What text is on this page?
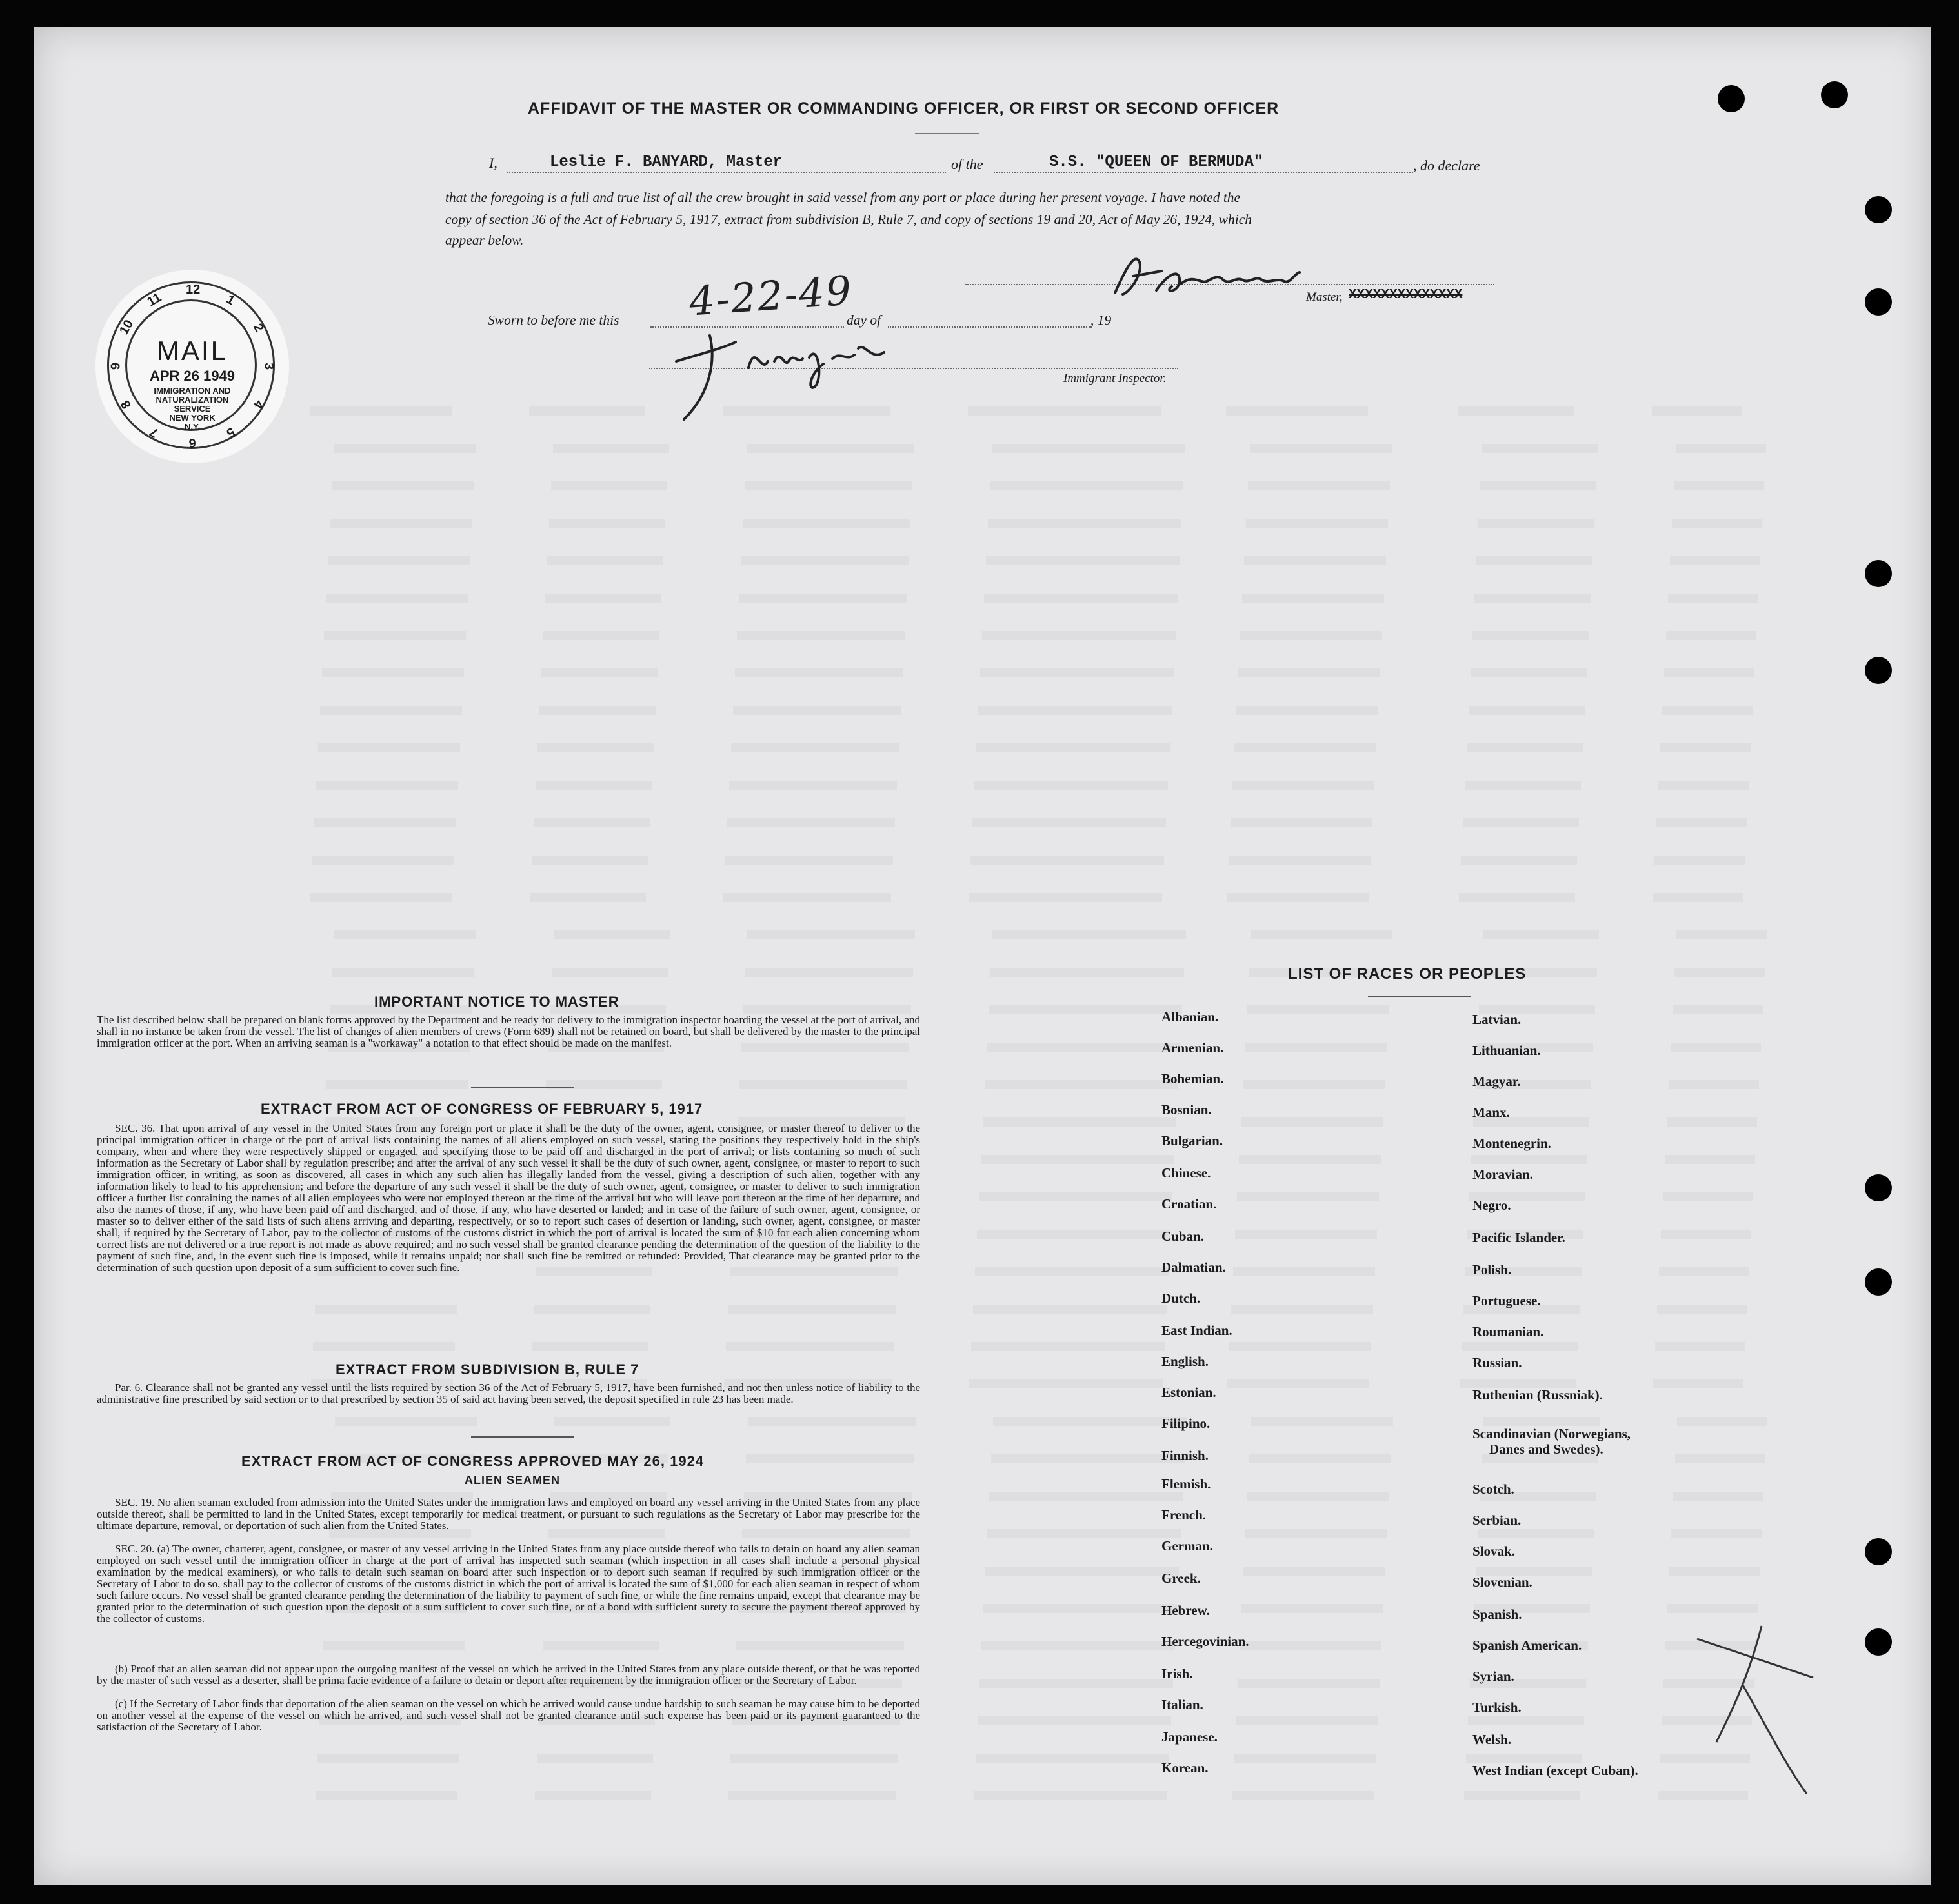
AFFIDAVIT OF THE MASTER OR COMMANDING OFFICER, OR FIRST OR SECOND OFFICER
I,	Leslie F. BANYARD, Master	of the	S.S. "QUEEN OF BERMUDA"	, do declare
that the foregoing is a full and true list of all the crew brought in said vessel from any port or place during her present voyage. I have noted the
copy of section 36 of the Act of February 5, 1917, extract from subdivision B, Rule 7, and copy of sections 19 and 20, Act of May 26, 1924, which
appear below.
Master, XXXXXXXXXXXXXX
Sworn to before me this 4-22-49
day of	, 19
Immigrant Inspector.
1
2
3
4
5
6
7
8
9
10
11
12
MAIL
APR 26 1949
IMMIGRATION AND
NATURALIZATION
SERVICE
NEW YORK
N.Y.
IMPORTANT NOTICE TO MASTER
The list described below shall be prepared on blank forms approved by the Department and be ready for delivery to the immigration inspector boarding the vessel at the port of arrival, and shall in no instance be taken from the vessel. The list of changes of alien members of crews (Form 689) shall not be retained on board, but shall be delivered by the master to the principal immigration officer at the port. When an arriving seaman is a "workaway" a notation to that effect should be made on the manifest.
EXTRACT FROM ACT OF CONGRESS OF FEBRUARY 5, 1917
SEC. 36. That upon arrival of any vessel in the United States from any foreign port or place it shall be the duty of the owner, agent, consignee, or master thereof to deliver to the principal immigration officer in charge of the port of arrival lists containing the names of all aliens employed on such vessel, stating the positions they respectively hold in the ship's company, when and where they were respectively shipped or engaged, and specifying those to be paid off and discharged in the port of arrival; or lists containing so much of such information as the Secretary of Labor shall by regulation prescribe; and after the arrival of any such vessel it shall be the duty of such owner, agent, consignee, or master to report to such immigration officer, in writing, as soon as discovered, all cases in which any such alien has illegally landed from the vessel, giving a description of such alien, together with any information likely to lead to his apprehension; and before the departure of any such vessel it shall be the duty of such owner, agent, consignee, or master to deliver to such immigration officer a further list containing the names of all alien employees who were not employed thereon at the time of the arrival but who will leave port thereon at the time of her departure, and also the names of those, if any, who have been paid off and discharged, and of those, if any, who have deserted or landed; and in case of the failure of such owner, agent, consignee, or master so to deliver either of the said lists of such aliens arriving and departing, respectively, or so to report such cases of desertion or landing, such owner, agent, consignee, or master shall, if required by the Secretary of Labor, pay to the collector of customs of the customs district in which the port of arrival is located the sum of $10 for each alien concerning whom correct lists are not delivered or a true report is not made as above required; and no such vessel shall be granted clearance pending the determination of the question of the liability to the payment of such fine, and, in the event such fine is imposed, while it remains unpaid; nor shall such fine be remitted or refunded: Provided, That clearance may be granted prior to the determination of such question upon deposit of a sum sufficient to cover such fine.
EXTRACT FROM SUBDIVISION B, RULE 7
Par. 6. Clearance shall not be granted any vessel until the lists required by section 36 of the Act of February 5, 1917, have been furnished, and not then unless notice of liability to the administrative fine prescribed by said section or to that prescribed by section 35 of said act having been served, the deposit specified in rule 23 has been made.
EXTRACT FROM ACT OF CONGRESS APPROVED MAY 26, 1924
ALIEN SEAMEN
SEC. 19. No alien seaman excluded from admission into the United States under the immigration laws and employed on board any vessel arriving in the United States from any place outside thereof, shall be permitted to land in the United States, except temporarily for medical treatment, or pursuant to such regulations as the Secretary of Labor may prescribe for the ultimate departure, removal, or deportation of such alien from the United States.
SEC. 20. (a) The owner, charterer, agent, consignee, or master of any vessel arriving in the United States from any place outside thereof who fails to detain on board any alien seaman employed on such vessel until the immigration officer in charge at the port of arrival has inspected such seaman (which inspection in all cases shall include a personal physical examination by the medical examiners), or who fails to detain such seaman on board after such inspection or to deport such seaman if required by such immigration officer or the Secretary of Labor to do so, shall pay to the collector of customs of the customs district in which the port of arrival is located the sum of $1,000 for each alien seaman in respect of whom such failure occurs. No vessel shall be granted clearance pending the determination of the liability to payment of such fine, or while the fine remains unpaid, except that clearance may be granted prior to the determination of such question upon the deposit of a sum sufficient to cover such fine, or of a bond with sufficient surety to secure the payment thereof approved by the collector of customs.
(b) Proof that an alien seaman did not appear upon the outgoing manifest of the vessel on which he arrived in the United States from any place outside thereof, or that he was reported by the master of such vessel as a deserter, shall be prima facie evidence of a failure to detain or deport after requirement by the immigration officer or the Secretary of Labor.
(c) If the Secretary of Labor finds that deportation of the alien seaman on the vessel on which he arrived would cause undue hardship to such seaman he may cause him to be deported on another vessel at the expense of the vessel on which he arrived, and such vessel shall not be granted clearance until such expense has been paid or its payment guaranteed to the satisfaction of the Secretary of Labor.
LIST OF RACES OR PEOPLES
Albanian.
Armenian.
Bohemian.
Bosnian.
Bulgarian.
Chinese.
Croatian.
Cuban.
Dalmatian.
Dutch.
East Indian.
English.
Estonian.
Filipino.
Finnish.
Flemish.
French.
German.
Greek.
Hebrew.
Hercegovinian.
Irish.
Italian.
Japanese.
Korean.
Latvian.
Lithuanian.
Magyar.
Manx.
Montenegrin.
Moravian.
Negro.
Pacific Islander.
Polish.
Portuguese.
Roumanian.
Russian.
Ruthenian (Russniak).
Scandinavian (Norwegians,
Danes and Swedes).
Scotch.
Serbian.
Slovak.
Slovenian.
Spanish.
Spanish American.
Syrian.
Turkish.
Welsh.
West Indian (except Cuban).
